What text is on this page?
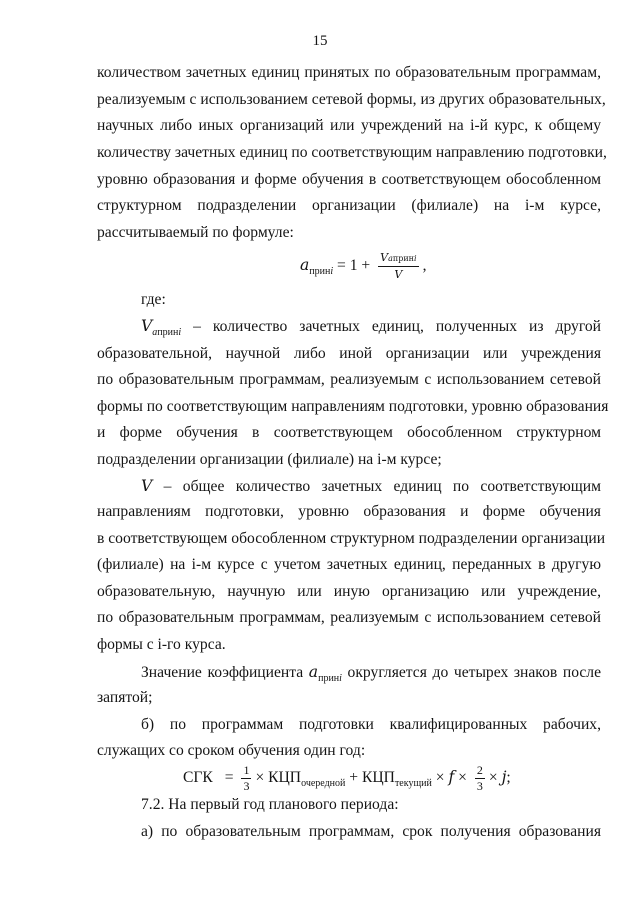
15
количеством зачетных единиц принятых по образовательным программам,
реализуемым с использованием сетевой формы, из других образовательных,
научных либо иных организаций или учреждений на i-й курс, к общему
количеству зачетных единиц по соответствующим направлению подготовки,
уровню образования и форме обучения в соответствующем обособленном
структурном подразделении организации (филиале) на i-м курсе,
рассчитываемый по формуле:
$a_{принi} = 1 + \frac{\text{Vaпринi}}{V}$ ,
где:
$V_{aпринi}$ – количество зачетных единиц, полученных из другой
образовательной, научной либо иной организации или учреждения
по образовательным программам, реализуемым с использованием сетевой
формы по соответствующим направлениям подготовки, уровню образования
и форме обучения в соответствующем обособленном структурном
подразделении организации (филиале) на i-м курсе;
V – общее количество зачетных единиц по соответствующим
направлениям подготовки, уровню образования и форме обучения
в соответствующем обособленном структурном подразделении организации
(филиале) на i-м курсе с учетом зачетных единиц, переданных в другую
образовательную, научную или иную организацию или учреждение,
по образовательным программам, реализуемым с использованием сетевой
формы с i-го курса.
Значение коэффициента $a_{принi}$ округляется до четырех знаков после
запятой;
б) по программам подготовки квалифицированных рабочих,
служащих со сроком обучения один год:
СГК = $\frac{1}{3} \times КЦП_{очередной} + КЦП_{текущий} \times f \times \frac{2}{3} \times j$;
7.2. На первый год планового периода:
а) по образовательным программам, срок получения образования
